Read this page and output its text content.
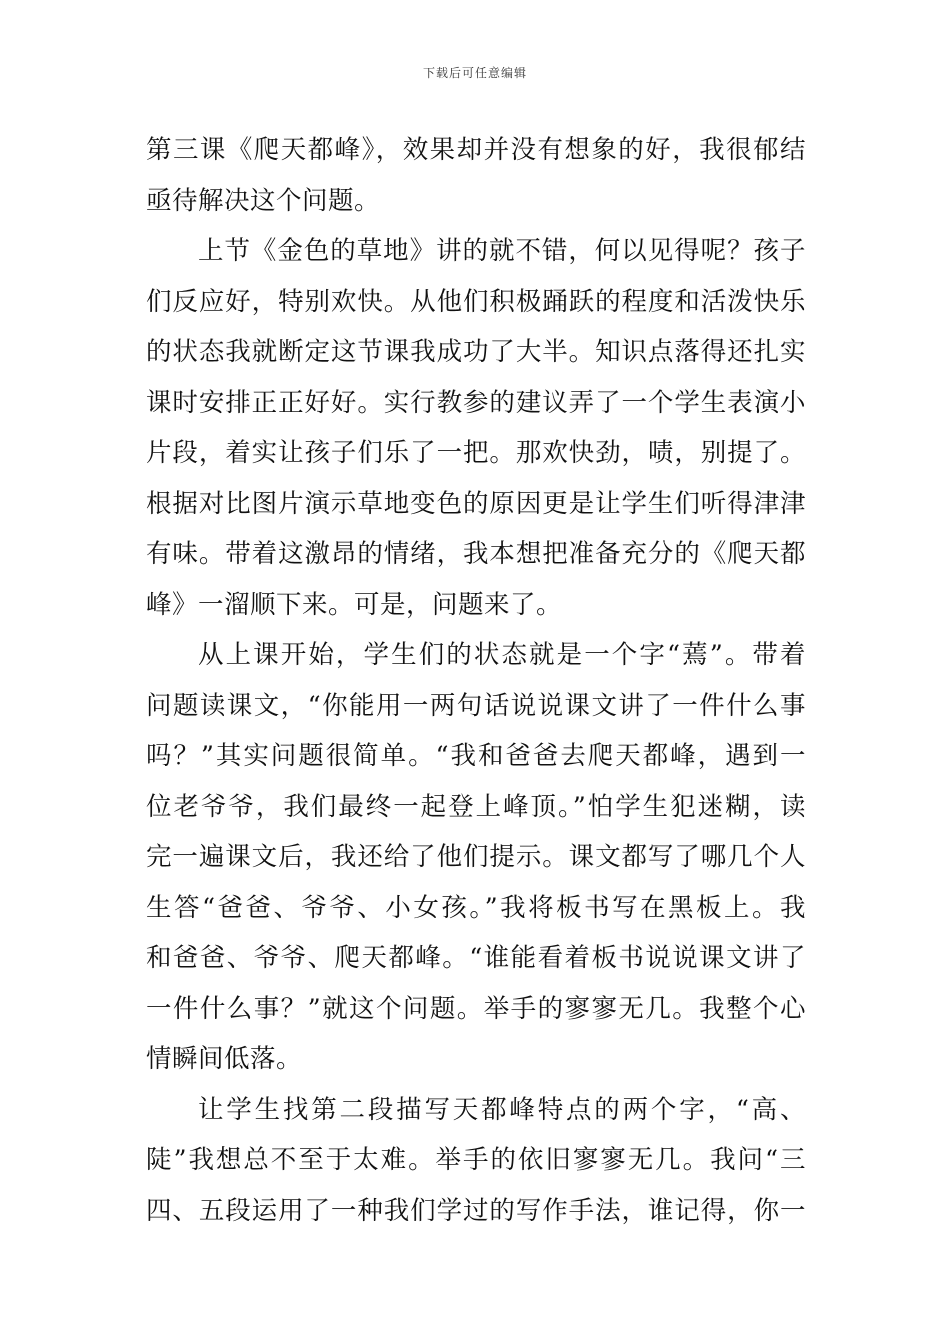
下载后可任意编辑
第三课《爬天都峰》，效果却并没有想象的好，我很郁结
亟待解决这个问题。
上节《金色的草地》讲的就不错，何以见得呢？孩子
们反应好，特别欢快。从他们积极踊跃的程度和活泼快乐
的状态我就断定这节课我成功了大半。知识点落得还扎实
课时安排正正好好。实行教参的建议弄了一个学生表演小
片段，着实让孩子们乐了一把。那欢快劲，啧，别提了。
根据对比图片演示草地变色的原因更是让学生们听得津津
有味。带着这激昂的情绪，我本想把准备充分的《爬天都
峰》一溜顺下来。可是，问题来了。
从上课开始，学生们的状态就是一个字“蔫”。带着
问题读课文，“你能用一两句话说说课文讲了一件什么事
吗？”其实问题很简单。“我和爸爸去爬天都峰，遇到一
位老爷爷，我们最终一起登上峰顶。”怕学生犯迷糊，读
完一遍课文后，我还给了他们提示。课文都写了哪几个人
生答“爸爸、爷爷、小女孩。”我将板书写在黑板上。我
和爸爸、爷爷、爬天都峰。“谁能看着板书说说课文讲了
一件什么事？”就这个问题。举手的寥寥无几。我整个心
情瞬间低落。
让学生找第二段描写天都峰特点的两个字，“高、
陡”我想总不至于太难。举手的依旧寥寥无几。我问“三
四、五段运用了一种我们学过的写作手法，谁记得，你一
